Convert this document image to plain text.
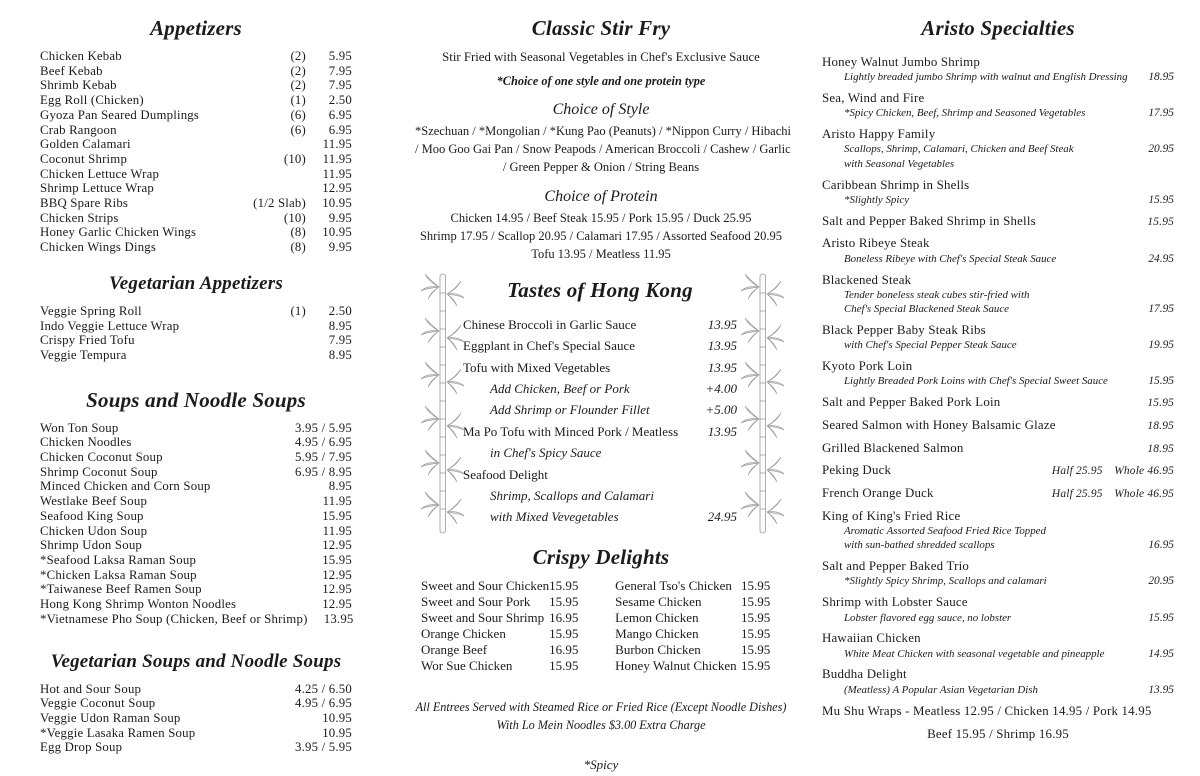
Appetizers
Chicken Kebab	(2)	5.95
Beef Kebab	(2)	7.95
Shrimb Kebab	(2)	7.95
Egg Roll (Chicken)	(1)	2.50
Gyoza Pan Seared Dumplings	(6)	6.95
Crab Rangoon	(6)	6.95
Golden Calamari	11.95
Coconut Shrimp	(10)	11.95
Chicken Lettuce Wrap	11.95
Shrimp Lettuce Wrap	12.95
BBQ Spare Ribs	(1/2 Slab)	10.95
Chicken Strips	(10)	9.95
Honey Garlic Chicken Wings	(8)	10.95
Chicken Wings Dings	(8)	9.95
Vegetarian Appetizers
Veggie Spring Roll	(1)	2.50
Indo Veggie Lettuce Wrap	8.95
Crispy Fried Tofu	7.95
Veggie Tempura	8.95
Soups and Noodle Soups
Won Ton Soup	3.95 / 5.95
Chicken Noodles	4.95 / 6.95
Chicken Coconut Soup	5.95 / 7.95
Shrimp Coconut Soup	6.95 / 8.95
Minced Chicken and Corn Soup	8.95
Westlake Beef Soup	11.95
Seafood King Soup	15.95
Chicken Udon Soup	11.95
Shrimp Udon Soup	12.95
*Seafood Laksa Raman Soup	15.95
*Chicken Laksa Raman Soup	12.95
*Taiwanese Beef Ramen Soup	12.95
Hong Kong Shrimp Wonton Noodles	12.95
*Vietnamese Pho Soup (Chicken, Beef or Shrimp)	13.95
Vegetarian Soups and Noodle Soups
Hot and Sour Soup	4.25 / 6.50
Veggie Coconut Soup	4.95 / 6.95
Veggie Udon Raman Soup	10.95
*Veggie Lasaka Ramen Soup	10.95
Egg Drop Soup	3.95 / 5.95
Classic Stir Fry
Stir Fried with Seasonal Vegetables in Chef's Exclusive Sauce
*Choice of one style and one protein type
Choice of Style
*Szechuan / *Mongolian / *Kung Pao (Peanuts) / *Nippon Curry / Hibachi
/ Moo Goo Gai Pan / Snow Peapods / American Broccoli / Cashew / Garlic
/ Green Pepper & Onion / String Beans
Choice of Protein
Chicken 14.95 / Beef Steak 15.95 / Pork 15.95 / Duck 25.95
Shrimp 17.95 / Scallop 20.95 / Calamari 17.95 / Assorted Seafood 20.95
Tofu 13.95 / Meatless 11.95
Tastes of Hong Kong
Chinese Broccoli in Garlic Sauce	13.95
Eggplant in Chef's Special Sauce	13.95
Tofu with Mixed Vegetables	13.95
Add Chicken, Beef or Pork	+4.00
Add Shrimp or Flounder Fillet	+5.00
Ma Po Tofu with Minced Pork / Meatless	13.95
in Chef's Spicy Sauce
Seafood Delight
Shrimp, Scallops and Calamari
with Mixed Vevegetables	24.95
Crispy Delights
Sweet and Sour Chicken 15.95
Sweet and Sour Pork	15.95
Sweet and Sour Shrimp 16.95
Orange Chicken	15.95
Orange Beef	16.95
Wor Sue Chicken	15.95
General Tso's Chicken 15.95
Sesame Chicken	15.95
Lemon Chicken	15.95
Mango Chicken	15.95
Burbon Chicken	15.95
Honey Walnut Chicken 15.95
All Entrees Served with Steamed Rice or Fried Rice (Except Noodle Dishes)
With Lo Mein Noodles $3.00 Extra Charge
*Spicy
Aristo Specialties
Honey Walnut Jumbo Shrimp
Lightly breaded jumbo Shrimp with walnut and English Dressing	18.95
Sea, Wind and Fire
*Spicy Chicken, Beef, Shrimp and Seasoned Vegetables	17.95
Aristo Happy Family
Scallops, Shrimp, Calamari, Chicken and Beef Steak	20.95
with Seasonal Vegetables
Caribbean Shrimp in Shells
*Slightly Spicy	15.95
Salt and Pepper Baked Shrimp in Shells	15.95
Aristo Ribeye Steak
Boneless Ribeye with Chef's Special Steak Sauce	24.95
Blackened Steak
Tender boneless steak cubes stir-fried with
Chef's Special Blackened Steak Sauce	17.95
Black Pepper Baby Steak Ribs
with Chef's Special Pepper Steak Sauce	19.95
Kyoto Pork Loin
Lightly Breaded Pork Loins with Chef's Special Sweet Sauce	15.95
Salt and Pepper Baked Pork Loin	15.95
Seared Salmon with Honey Balsamic Glaze	18.95
Grilled Blackened Salmon	18.95
Peking Duck	Half 25.95 Whole 46.95
French Orange Duck	Half 25.95 Whole 46.95
King of King's Fried Rice
Aromatic Assorted Seafood Fried Rice Topped
with sun-bathed shredded scallops	16.95
Salt and Pepper Baked Trio
*Slightly Spicy Shrimp, Scallops and calamari	20.95
Shrimp with Lobster Sauce
Lobster flavored egg sauce, no lobster	15.95
Hawaiian Chicken
White Meat Chicken with seasonal vegetable and pineapple	14.95
Buddha Delight
(Meatless) A Popular Asian Vegetarian Dish	13.95
Mu Shu Wraps - Meatless 12.95 / Chicken 14.95 / Pork 14.95
Beef 15.95 / Shrimp 16.95
